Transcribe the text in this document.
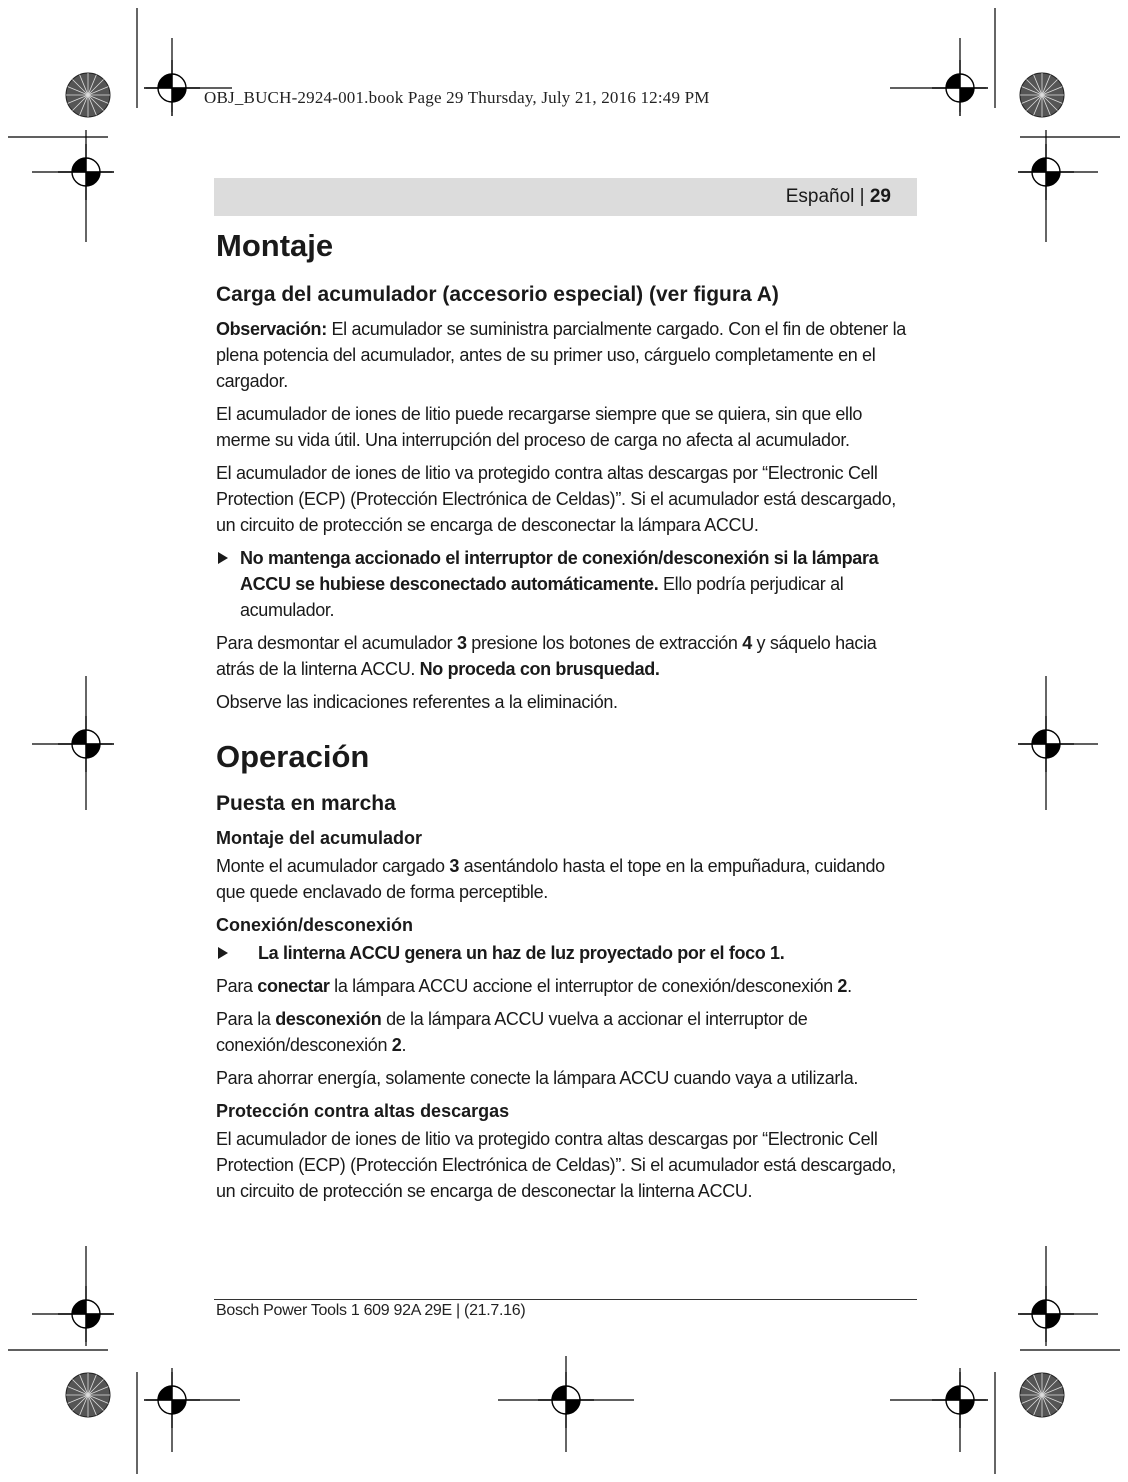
OBJ_BUCH-2924-001.book Page 29 Thursday, July 21, 2016 12:49 PM
Español | 29
Montaje
Carga del acumulador (accesorio especial) (ver figura A)

Observación: El acumulador se suministra parcialmente cargado. Con el fin de obtener la plena potencia del acumulador, antes de su primer uso, cárguelo completamente en el cargador.

El acumulador de iones de litio puede recargarse siempre que se quiera, sin que ello merme su vida útil. Una interrupción del proceso de carga no afecta al acumulador.

El acumulador de iones de litio va protegido contra altas descargas por “Electronic Cell Protection (ECP) (Protección Electrónica de Celdas)”. Si el acumulador está descargado, un circuito de protección se encarga de desconectar la lámpara ACCU.

No mantenga accionado el interruptor de conexión/desconexión si la lámpara ACCU se hubiese desconectado automáticamente. Ello podría perjudicar al acumulador.

Para desmontar el acumulador 3 presione los botones de extracción 4 y sáquelo hacia atrás de la linterna ACCU. No proceda con brusquedad.

Observe las indicaciones referentes a la eliminación.

Operación
Puesta en marcha
Montaje del acumulador

Monte el acumulador cargado 3 asentándolo hasta el tope en la empuñadura, cuidando que quede enclavado de forma perceptible.

Conexión/desconexión

La linterna ACCU genera un haz de luz proyectado por el foco 1.

Para conectar la lámpara ACCU accione el interruptor de conexión/desconexión 2.

Para la desconexión de la lámpara ACCU vuelva a accionar el interruptor de conexión/desconexión 2.

Para ahorrar energía, solamente conecte la lámpara ACCU cuando vaya a utilizarla.

Protección contra altas descargas

El acumulador de iones de litio va protegido contra altas descargas por “Electronic Cell Protection (ECP) (Protección Electrónica de Celdas)”. Si el acumulador está descargado, un circuito de protección se encarga de desconectar la linterna ACCU.

Bosch Power Tools 1 609 92A 29E | (21.7.16)
